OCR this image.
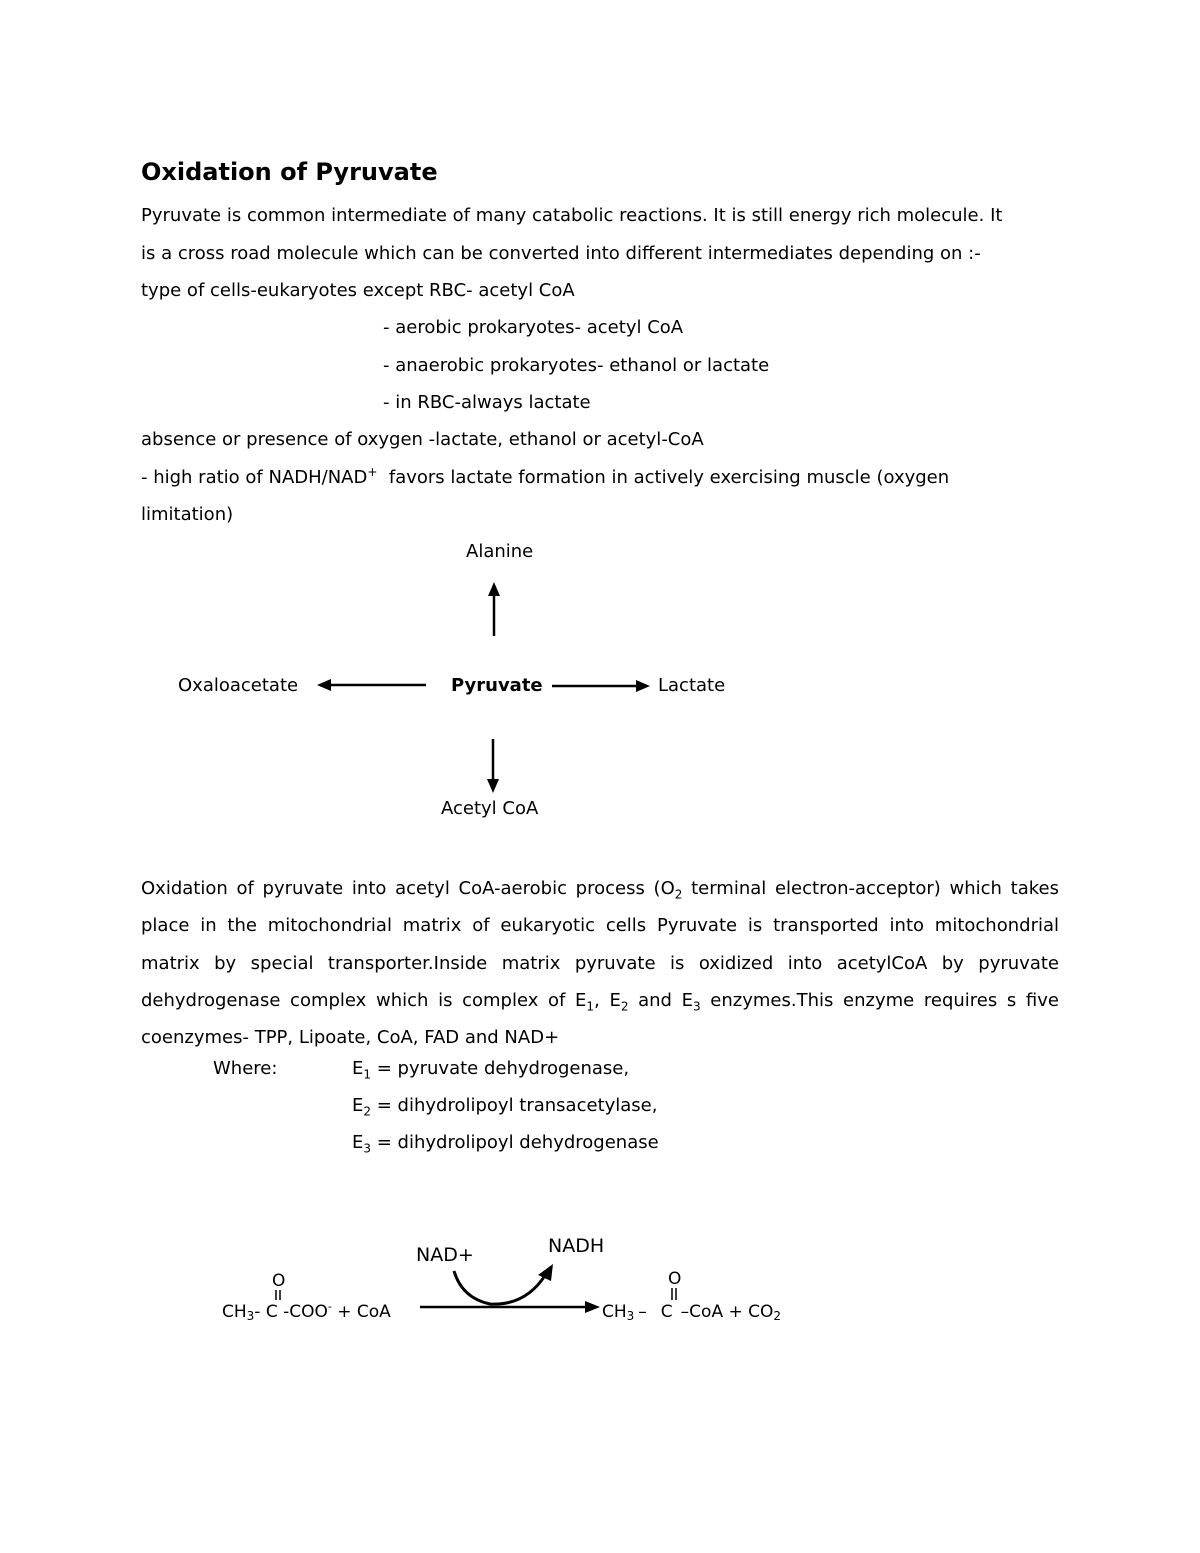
Oxidation of Pyruvate
Pyruvate is common intermediate of many catabolic reactions. It is still energy rich molecule. It
is a cross road molecule which can be converted into different intermediates depending on :-
type of cells-eukaryotes except RBC- acetyl CoA
- aerobic prokaryotes- acetyl CoA
- anaerobic prokaryotes- ethanol or lactate
- in RBC-always lactate
absence or presence of oxygen -lactate, ethanol or acetyl-CoA
- high ratio of NADH/NAD+  favors lactate formation in actively exercising muscle (oxygen
limitation)
Alanine
Oxaloacetate	Pyruvate	Lactate
Acetyl CoA
Oxidation of pyruvate into acetyl CoA-aerobic process ($O_2$ terminal electron-acceptor) which takes place in the mitochondrial matrix of eukaryotic cells Pyruvate is transported into mitochondrial matrix by special transporter.Inside matrix pyruvate is oxidized into acetylCoA by pyruvate dehydrogenase complex which is complex of $E_1$, $E_2$ and $E_3$ enzymes.This enzyme requires s five coenzymes- TPP, Lipoate, CoA, FAD and NAD+
Where:	$E_1$ = pyruvate dehydrogenase,
$E_2$ = dihydrolipoyl transacetylase,
$E_3$ = dihydrolipoyl dehydrogenase
NAD+	NADH
O	O
CH3- C -COO- + CoA	CH3 – C –CoA + CO2
